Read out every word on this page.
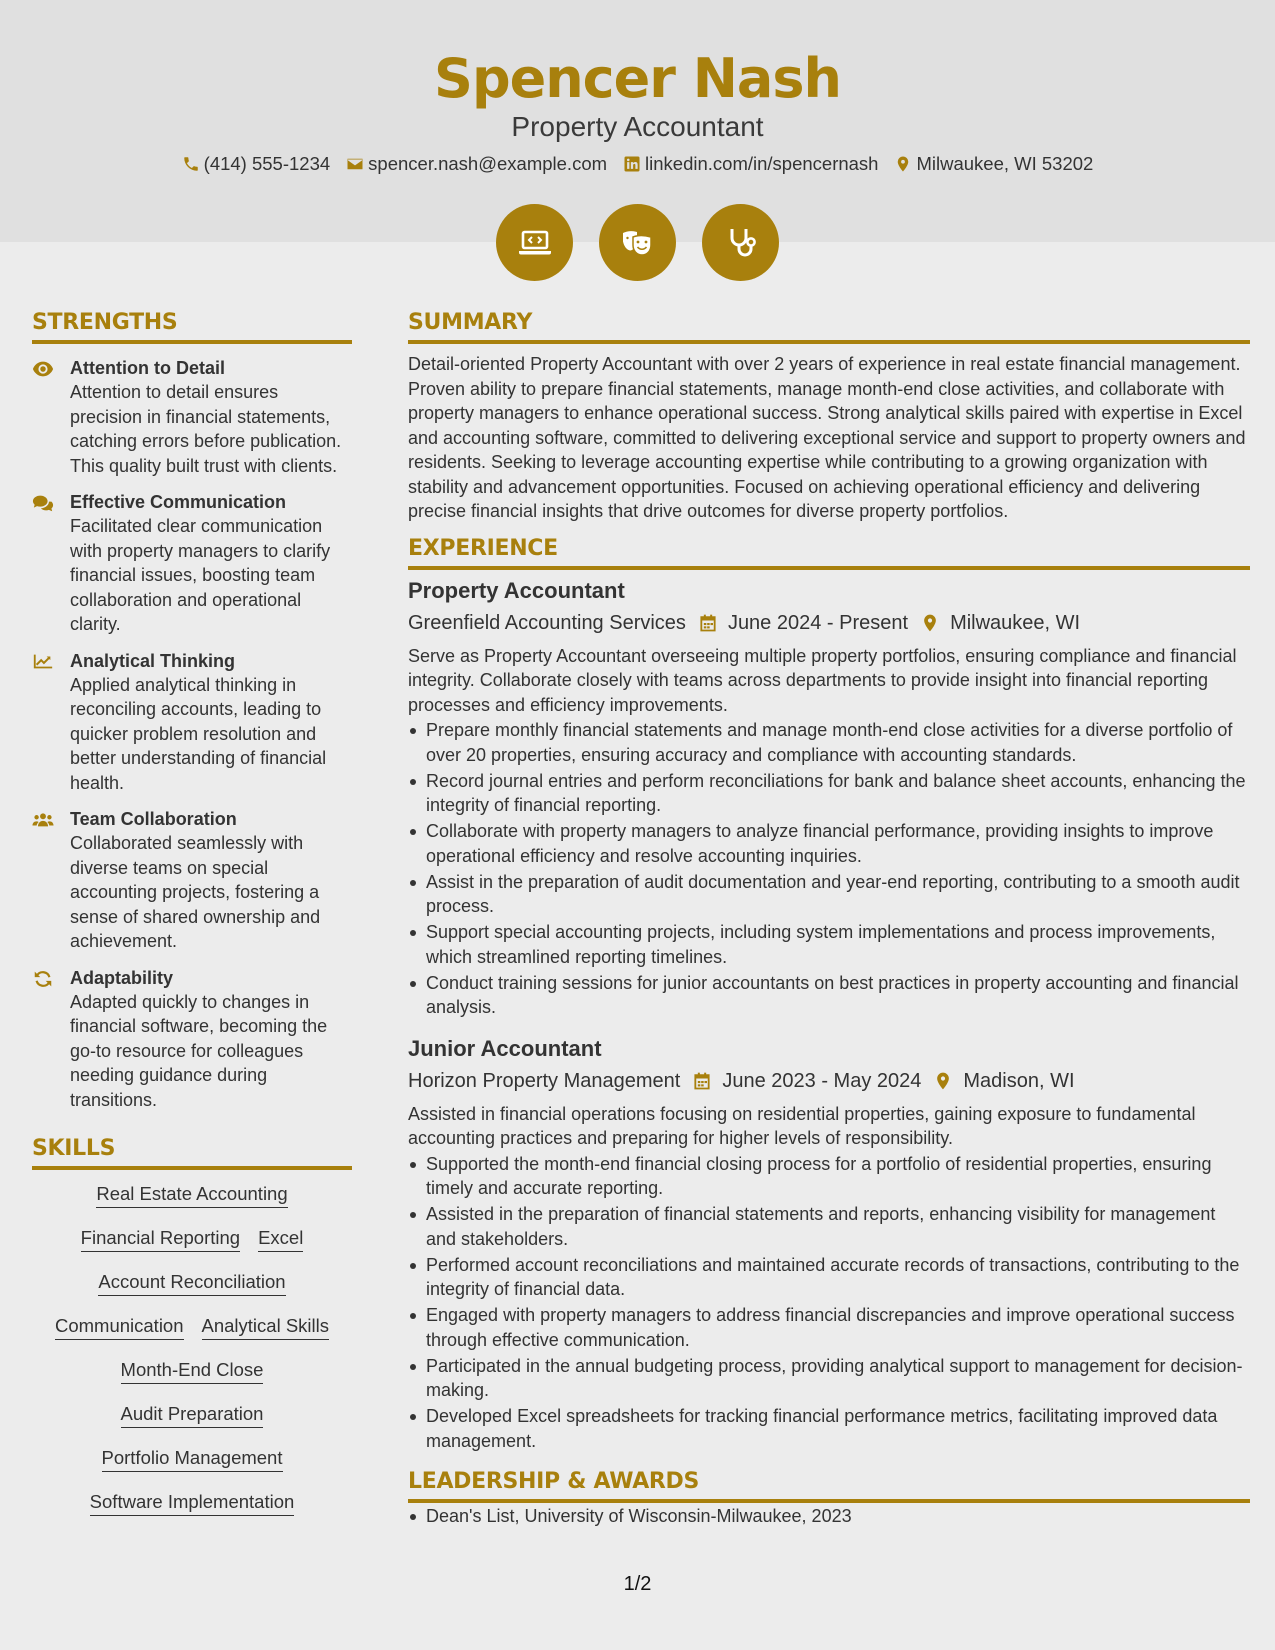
Spencer Nash
Property Accountant
(414) 555-1234 spencer.nash@example.com linkedin.com/in/spencernash Milwaukee, WI 53202
STRENGTHS
Attention to Detail
Attention to detail ensures precision in financial statements, catching errors before publication. This quality built trust with clients.
Effective Communication
Facilitated clear communication with property managers to clarify financial issues, boosting team collaboration and operational clarity.
Analytical Thinking
Applied analytical thinking in reconciling accounts, leading to quicker problem resolution and better understanding of financial health.
Team Collaboration
Collaborated seamlessly with diverse teams on special accounting projects, fostering a sense of shared ownership and achievement.
Adaptability
Adapted quickly to changes in financial software, becoming the go-to resource for colleagues needing guidance during transitions.
SKILLS
Real Estate Accounting
Financial Reporting Excel
Account Reconciliation
Communication Analytical Skills
Month-End Close
Audit Preparation
Portfolio Management
Software Implementation
SUMMARY
Detail-oriented Property Accountant with over 2 years of experience in real estate financial management. Proven ability to prepare financial statements, manage month-end close activities, and collaborate with property managers to enhance operational success. Strong analytical skills paired with expertise in Excel and accounting software, committed to delivering exceptional service and support to property owners and residents. Seeking to leverage accounting expertise while contributing to a growing organization with stability and advancement opportunities. Focused on achieving operational efficiency and delivering precise financial insights that drive outcomes for diverse property portfolios.
EXPERIENCE
Property Accountant
Greenfield Accounting Services June 2024 - Present Milwaukee, WI
Serve as Property Accountant overseeing multiple property portfolios, ensuring compliance and financial integrity. Collaborate closely with teams across departments to provide insight into financial reporting processes and efficiency improvements.
Prepare monthly financial statements and manage month-end close activities for a diverse portfolio of over 20 properties, ensuring accuracy and compliance with accounting standards.
Record journal entries and perform reconciliations for bank and balance sheet accounts, enhancing the integrity of financial reporting.
Collaborate with property managers to analyze financial performance, providing insights to improve operational efficiency and resolve accounting inquiries.
Assist in the preparation of audit documentation and year-end reporting, contributing to a smooth audit process.
Support special accounting projects, including system implementations and process improvements, which streamlined reporting timelines.
Conduct training sessions for junior accountants on best practices in property accounting and financial analysis.
Junior Accountant
Horizon Property Management June 2023 - May 2024 Madison, WI
Assisted in financial operations focusing on residential properties, gaining exposure to fundamental accounting practices and preparing for higher levels of responsibility.
Supported the month-end financial closing process for a portfolio of residential properties, ensuring timely and accurate reporting.
Assisted in the preparation of financial statements and reports, enhancing visibility for management and stakeholders.
Performed account reconciliations and maintained accurate records of transactions, contributing to the integrity of financial data.
Engaged with property managers to address financial discrepancies and improve operational success through effective communication.
Participated in the annual budgeting process, providing analytical support to management for decision-making.
Developed Excel spreadsheets for tracking financial performance metrics, facilitating improved data management.
LEADERSHIP & AWARDS
Dean's List, University of Wisconsin-Milwaukee, 2023
1/2
